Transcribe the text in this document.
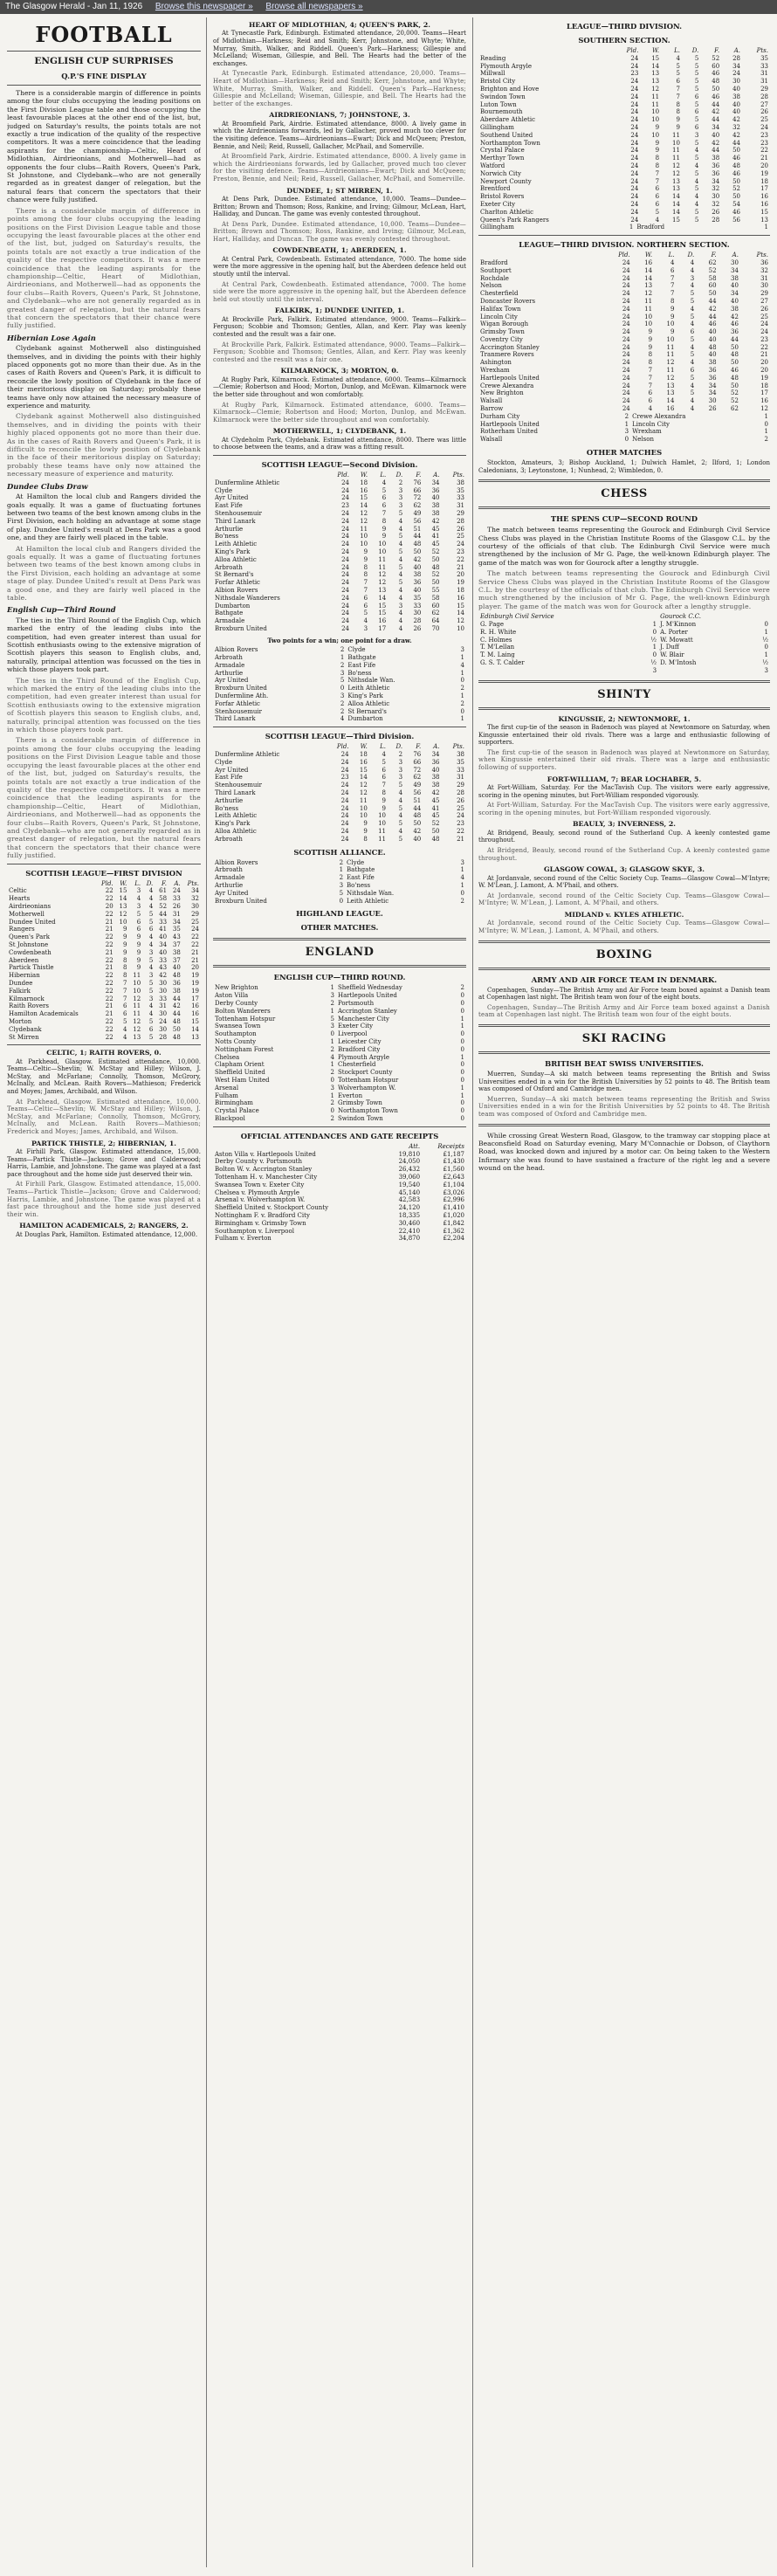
The Glasgow Herald - Jan 11, 1926 Browse this newspaper » Browse all newspapers »
FOOTBALL
ENGLISH CUP SURPRISES
Q.P.'S FINE DISPLAY

There is a considerable margin of difference in points among the four clubs occupying the leading positions on the First Division League table and those occupying the least favourable places at the other end of the list, but, judged on Saturday's results, the points totals are not exactly a true indication of the quality of the respective competitors. It was a mere coincidence that the leading aspirants for the championship—Celtic, Heart of Midlothian, Airdrieonians, and Motherwell—had as opponents the four clubs—Raith Rovers, Queen's Park, St Johnstone, and Clydebank—who are not generally regarded as in greatest danger of relegation, but the natural fears that concern the spectators that their chance were fully justified.

There is a considerable margin of difference in points among the four clubs occupying the leading positions on the First Division League table and those occupying the least favourable places at the other end of the list, but, judged on Saturday's results, the points totals are not exactly a true indication of the quality of the respective competitors. It was a mere coincidence that the leading aspirants for the championship—Celtic, Heart of Midlothian, Airdrieonians, and Motherwell—had as opponents the four clubs—Raith Rovers, Queen's Park, St Johnstone, and Clydebank—who are not generally regarded as in greatest danger of relegation, but the natural fears that concern the spectators that their chance were fully justified.

Hibernian Lose Again

Clydebank against Motherwell also distinguished themselves, and in dividing the points with their highly placed opponents got no more than their due. As in the cases of Raith Rovers and Queen's Park, it is difficult to reconcile the lowly position of Clydebank in the face of their meritorious display on Saturday; probably these teams have only now attained the necessary measure of experience and maturity.

Clydebank against Motherwell also distinguished themselves, and in dividing the points with their highly placed opponents got no more than their due. As in the cases of Raith Rovers and Queen's Park, it is difficult to reconcile the lowly position of Clydebank in the face of their meritorious display on Saturday; probably these teams have only now attained the necessary measure of experience and maturity.

Dundee Clubs Draw

At Hamilton the local club and Rangers divided the goals equally. It was a game of fluctuating fortunes between two teams of the best known among clubs in the First Division, each holding an advantage at some stage of play. Dundee United's result at Dens Park was a good one, and they are fairly well placed in the table.

At Hamilton the local club and Rangers divided the goals equally. It was a game of fluctuating fortunes between two teams of the best known among clubs in the First Division, each holding an advantage at some stage of play. Dundee United's result at Dens Park was a good one, and they are fairly well placed in the table.

English Cup—Third Round

The ties in the Third Round of the English Cup, which marked the entry of the leading clubs into the competition, had even greater interest than usual for Scottish enthusiasts owing to the extensive migration of Scottish players this season to English clubs, and, naturally, principal attention was focussed on the ties in which those players took part.

The ties in the Third Round of the English Cup, which marked the entry of the leading clubs into the competition, had even greater interest than usual for Scottish enthusiasts owing to the extensive migration of Scottish players this season to English clubs, and, naturally, principal attention was focussed on the ties in which those players took part.

There is a considerable margin of difference in points among the four clubs occupying the leading positions on the First Division League table and those occupying the least favourable places at the other end of the list, but, judged on Saturday's results, the points totals are not exactly a true indication of the quality of the respective competitors. It was a mere coincidence that the leading aspirants for the championship—Celtic, Heart of Midlothian, Airdrieonians, and Motherwell—had as opponents the four clubs—Raith Rovers, Queen's Park, St Johnstone, and Clydebank—who are not generally regarded as in greatest danger of relegation, but the natural fears that concern the spectators that their chance were fully justified.

SCOTTISH LEAGUE—FIRST DIVISION
	Pld.	W.	L.	D.	F.	A.	Pts.
Celtic	22	15	3	4	61	24	34
Hearts	22	14	4	4	58	33	32
Airdrieonians	20	13	3	4	52	26	30
Motherwell	22	12	5	5	44	31	29
Dundee United	21	10	6	5	33	34	25
Rangers	21	9	6	6	41	35	24
Queen's Park	22	9	9	4	40	43	22
St Johnstone	22	9	9	4	34	37	22
Cowdenbeath	21	9	9	3	40	38	21
Aberdeen	22	8	9	5	33	37	21
Partick Thistle	21	8	9	4	43	40	20
Hibernian	22	8	11	3	42	48	19
Dundee	22	7	10	5	30	36	19
Falkirk	22	7	10	5	30	38	19
Kilmarnock	22	7	12	3	33	44	17
Raith Rovers	21	6	11	4	31	42	16
Hamilton Academicals	21	6	11	4	30	44	16
Morton	22	5	12	5	24	48	15
Clydebank	22	4	12	6	30	50	14
St Mirren	22	4	13	5	28	48	13
CELTIC, 1; RAITH ROVERS, 0.

At Parkhead, Glasgow. Estimated attendance, 10,000. Teams—Celtic—Shevlin; W. McStay and Hilley; Wilson, J. McStay, and McFarlane; Connolly, Thomson, McGrory, McInally, and McLean. Raith Rovers—Mathieson; Frederick and Moyes; James, Archibald, and Wilson.

At Parkhead, Glasgow. Estimated attendance, 10,000. Teams—Celtic—Shevlin; W. McStay and Hilley; Wilson, J. McStay, and McFarlane; Connolly, Thomson, McGrory, McInally, and McLean. Raith Rovers—Mathieson; Frederick and Moyes; James, Archibald, and Wilson.

PARTICK THISTLE, 2; HIBERNIAN, 1.

At Firhill Park, Glasgow. Estimated attendance, 15,000. Teams—Partick Thistle—Jackson; Grove and Calderwood; Harris, Lambie, and Johnstone. The game was played at a fast pace throughout and the home side just deserved their win.

At Firhill Park, Glasgow. Estimated attendance, 15,000. Teams—Partick Thistle—Jackson; Grove and Calderwood; Harris, Lambie, and Johnstone. The game was played at a fast pace throughout and the home side just deserved their win.

HAMILTON ACADEMICALS, 2; RANGERS, 2.

At Douglas Park, Hamilton. Estimated attendance, 12,000.

HEART OF MIDLOTHIAN, 4; QUEEN'S PARK, 2.

At Tynecastle Park, Edinburgh. Estimated attendance, 20,000. Teams—Heart of Midlothian—Harkness; Reid and Smith; Kerr, Johnstone, and Whyte; White, Murray, Smith, Walker, and Riddell. Queen's Park—Harkness; Gillespie and McLelland; Wiseman, Gillespie, and Bell. The Hearts had the better of the exchanges.

At Tynecastle Park, Edinburgh. Estimated attendance, 20,000. Teams—Heart of Midlothian—Harkness; Reid and Smith; Kerr, Johnstone, and Whyte; White, Murray, Smith, Walker, and Riddell. Queen's Park—Harkness; Gillespie and McLelland; Wiseman, Gillespie, and Bell. The Hearts had the better of the exchanges.

AIRDRIEONIANS, 7; JOHNSTONE, 3.

At Broomfield Park, Airdrie. Estimated attendance, 8000. A lively game in which the Airdrieonians forwards, led by Gallacher, proved much too clever for the visiting defence. Teams—Airdrieonians—Ewart; Dick and McQueen; Preston, Bennie, and Neil; Reid, Russell, Gallacher, McPhail, and Somerville.

At Broomfield Park, Airdrie. Estimated attendance, 8000. A lively game in which the Airdrieonians forwards, led by Gallacher, proved much too clever for the visiting defence. Teams—Airdrieonians—Ewart; Dick and McQueen; Preston, Bennie, and Neil; Reid, Russell, Gallacher, McPhail, and Somerville.

DUNDEE, 1; ST MIRREN, 1.

At Dens Park, Dundee. Estimated attendance, 10,000. Teams—Dundee—Britton; Brown and Thomson; Ross, Rankine, and Irving; Gilmour, McLean, Hart, Halliday, and Duncan. The game was evenly contested throughout.

At Dens Park, Dundee. Estimated attendance, 10,000. Teams—Dundee—Britton; Brown and Thomson; Ross, Rankine, and Irving; Gilmour, McLean, Hart, Halliday, and Duncan. The game was evenly contested throughout.

COWDENBEATH, 1; ABERDEEN, 1.

At Central Park, Cowdenbeath. Estimated attendance, 7000. The home side were the more aggressive in the opening half, but the Aberdeen defence held out stoutly until the interval.

At Central Park, Cowdenbeath. Estimated attendance, 7000. The home side were the more aggressive in the opening half, but the Aberdeen defence held out stoutly until the interval.

FALKIRK, 1; DUNDEE UNITED, 1.

At Brockville Park, Falkirk. Estimated attendance, 9000. Teams—Falkirk—Ferguson; Scobbie and Thomson; Gentles, Allan, and Kerr. Play was keenly contested and the result was a fair one.

At Brockville Park, Falkirk. Estimated attendance, 9000. Teams—Falkirk—Ferguson; Scobbie and Thomson; Gentles, Allan, and Kerr. Play was keenly contested and the result was a fair one.

KILMARNOCK, 3; MORTON, 0.

At Rugby Park, Kilmarnock. Estimated attendance, 6000. Teams—Kilmarnock—Clemie; Robertson and Hood; Morton, Dunlop, and McEwan. Kilmarnock were the better side throughout and won comfortably.

At Rugby Park, Kilmarnock. Estimated attendance, 6000. Teams—Kilmarnock—Clemie; Robertson and Hood; Morton, Dunlop, and McEwan. Kilmarnock were the better side throughout and won comfortably.

MOTHERWELL, 1; CLYDEBANK, 1.

At Clydeholm Park, Clydebank. Estimated attendance, 8000. There was little to choose between the teams, and a draw was a fitting result.

SCOTTISH LEAGUE—Second Division.
	Pld.	W.	L.	D.	F.	A.	Pts.
Dunfermline Athletic	24	18	4	2	76	34	38
Clyde	24	16	5	3	66	36	35
Ayr United	24	15	6	3	72	40	33
East Fife	23	14	6	3	62	38	31
Stenhousemuir	24	12	7	5	49	38	29
Third Lanark	24	12	8	4	56	42	28
Arthurlie	24	11	9	4	51	45	26
Bo'ness	24	10	9	5	44	41	25
Leith Athletic	24	10	10	4	48	45	24
King's Park	24	9	10	5	50	52	23
Alloa Athletic	24	9	11	4	42	50	22
Arbroath	24	8	11	5	40	48	21
St Bernard's	24	8	12	4	38	52	20
Forfar Athletic	24	7	12	5	36	50	19
Albion Rovers	24	7	13	4	40	55	18
Nithsdale Wanderers	24	6	14	4	35	58	16
Dumbarton	24	6	15	3	33	60	15
Bathgate	24	5	15	4	30	62	14
Armadale	24	4	16	4	28	64	12
Broxburn United	24	3	17	4	26	70	10
Two points for a win; one point for a draw.
Albion Rovers	2	Clyde	3
Arbroath	1	Bathgate	1
Armadale	2	East Fife	4
Arthurlie	3	Bo'ness	1
Ayr United	5	Nithsdale Wan.	0
Broxburn United	0	Leith Athletic	2
Dunfermline Ath.	3	King's Park	1
Forfar Athletic	2	Alloa Athletic	2
Stenhousemuir	2	St Bernard's	0
Third Lanark	4	Dumbarton	1
SCOTTISH LEAGUE—Third Division.
	Pld.	W.	L.	D.	F.	A.	Pts.
Dunfermline Athletic	24	18	4	2	76	34	38
Clyde	24	16	5	3	66	36	35
Ayr United	24	15	6	3	72	40	33
East Fife	23	14	6	3	62	38	31
Stenhousemuir	24	12	7	5	49	38	29
Third Lanark	24	12	8	4	56	42	28
Arthurlie	24	11	9	4	51	45	26
Bo'ness	24	10	9	5	44	41	25
Leith Athletic	24	10	10	4	48	45	24
King's Park	24	9	10	5	50	52	23
Alloa Athletic	24	9	11	4	42	50	22
Arbroath	24	8	11	5	40	48	21
SCOTTISH ALLIANCE.
Albion Rovers	2	Clyde	3
Arbroath	1	Bathgate	1
Armadale	2	East Fife	4
Arthurlie	3	Bo'ness	1
Ayr United	5	Nithsdale Wan.	0
Broxburn United	0	Leith Athletic	2
HIGHLAND LEAGUE.
OTHER MATCHES.
ENGLAND
ENGLISH CUP—THIRD ROUND.
New Brighton	1	Sheffield Wednesday	2
Aston Villa	3	Hartlepools United	0
Derby County	2	Portsmouth	0
Bolton Wanderers	1	Accrington Stanley	0
Tottenham Hotspur	5	Manchester City	1
Swansea Town	3	Exeter City	1
Southampton	0	Liverpool	0
Notts County	1	Leicester City	0
Nottingham Forest	2	Bradford City	0
Chelsea	4	Plymouth Argyle	1
Clapham Orient	1	Chesterfield	0
Sheffield United	2	Stockport County	0
West Ham United	0	Tottenham Hotspur	0
Arsenal	3	Wolverhampton W.	1
Fulham	1	Everton	1
Birmingham	2	Grimsby Town	0
Crystal Palace	0	Northampton Town	0
Blackpool	2	Swindon Town	0
OFFICIAL ATTENDANCES AND GATE RECEIPTS
	Att.	Receipts
Aston Villa v. Hartlepools United	19,810	£1,187
Derby County v. Portsmouth	24,050	£1,430
Bolton W. v. Accrington Stanley	26,432	£1,560
Tottenham H. v. Manchester City	39,060	£2,643
Swansea Town v. Exeter City	19,540	£1,104
Chelsea v. Plymouth Argyle	45,140	£3,026
Arsenal v. Wolverhampton W.	42,583	£2,996
Sheffield United v. Stockport County	24,120	£1,410
Nottingham F. v. Bradford City	18,335	£1,020
Birmingham v. Grimsby Town	30,460	£1,842
Southampton v. Liverpool	22,410	£1,362
Fulham v. Everton	34,870	£2,204
LEAGUE—THIRD DIVISION.
SOUTHERN SECTION.
	Pld.	W.	L.	D.	F.	A.	Pts.
Reading	24	15	4	5	52	28	35
Plymouth Argyle	24	14	5	5	60	34	33
Millwall	23	13	5	5	46	24	31
Bristol City	24	13	6	5	48	30	31
Brighton and Hove	24	12	7	5	50	40	29
Swindon Town	24	11	7	6	46	38	28
Luton Town	24	11	8	5	44	40	27
Bournemouth	24	10	8	6	42	40	26
Aberdare Athletic	24	10	9	5	44	42	25
Gillingham	24	9	9	6	34	32	24
Southend United	24	10	11	3	40	42	23
Northampton Town	24	9	10	5	42	44	23
Crystal Palace	24	9	11	4	44	50	22
Merthyr Town	24	8	11	5	38	46	21
Watford	24	8	12	4	36	48	20
Norwich City	24	7	12	5	36	46	19
Newport County	24	7	13	4	34	50	18
Brentford	24	6	13	5	32	52	17
Bristol Rovers	24	6	14	4	30	50	16
Exeter City	24	6	14	4	32	54	16
Charlton Athletic	24	5	14	5	26	46	15
Queen's Park Rangers	24	4	15	5	28	56	13
Gillingham	1	Bradford	1
LEAGUE—THIRD DIVISION. NORTHERN SECTION.
	Pld.	W.	L.	D.	F.	A.	Pts.
Bradford	24	16	4	4	62	30	36
Southport	24	14	6	4	52	34	32
Rochdale	24	14	7	3	58	38	31
Nelson	24	13	7	4	60	40	30
Chesterfield	24	12	7	5	50	34	29
Doncaster Rovers	24	11	8	5	44	40	27
Halifax Town	24	11	9	4	42	38	26
Lincoln City	24	10	9	5	44	42	25
Wigan Borough	24	10	10	4	46	46	24
Grimsby Town	24	9	9	6	40	36	24
Coventry City	24	9	10	5	40	44	23
Accrington Stanley	24	9	11	4	48	50	22
Tranmere Rovers	24	8	11	5	40	48	21
Ashington	24	8	12	4	38	50	20
Wrexham	24	7	11	6	36	46	20
Hartlepools United	24	7	12	5	36	48	19
Crewe Alexandra	24	7	13	4	34	50	18
New Brighton	24	6	13	5	34	52	17
Walsall	24	6	14	4	30	52	16
Barrow	24	4	16	4	26	62	12
Durham City	2	Crewe Alexandra	1
Hartlepools United	1	Lincoln City	0
Rotherham United	3	Wrexham	1
Walsall	0	Nelson	2
OTHER MATCHES

Stockton, Amateurs, 3; Bishop Auckland, 1; Dulwich Hamlet, 2; Ilford, 1; London Caledonians, 3; Leytonstone, 1; Nunhead, 2; Wimbledon, 0.

CHESS
THE SPENS CUP—SECOND ROUND

The match between teams representing the Gourock and Edinburgh Civil Service Chess Clubs was played in the Christian Institute Rooms of the Glasgow C.L. by the courtesy of the officials of that club. The Edinburgh Civil Service were much strengthened by the inclusion of Mr G. Page, the well-known Edinburgh player. The game of the match was won for Gourock after a lengthy struggle.

The match between teams representing the Gourock and Edinburgh Civil Service Chess Clubs was played in the Christian Institute Rooms of the Glasgow C.L. by the courtesy of the officials of that club. The Edinburgh Civil Service were much strengthened by the inclusion of Mr G. Page, the well-known Edinburgh player. The game of the match was won for Gourock after a lengthy struggle.

Edinburgh Civil Service		Gourock C.C.	
G. Page	1	J. M'Kinnon	0
R. H. White	0	A. Porter	1
C. Holmes	½	W. Mowatt	½
T. M'Lellan	1	J. Duff	0
T. M. Laing	0	W. Blair	1
G. S. T. Calder	½	D. M'Intosh	½
	3		3
SHINTY
KINGUSSIE, 2; NEWTONMORE, 1.

The first cup-tie of the season in Badenoch was played at Newtonmore on Saturday, when Kingussie entertained their old rivals. There was a large and enthusiastic following of supporters.

The first cup-tie of the season in Badenoch was played at Newtonmore on Saturday, when Kingussie entertained their old rivals. There was a large and enthusiastic following of supporters.

FORT-WILLIAM, 7; BEAR LOCHABER, 5.

At Fort-William, Saturday. For the MacTavish Cup. The visitors were early aggressive, scoring in the opening minutes, but Fort-William responded vigorously.

At Fort-William, Saturday. For the MacTavish Cup. The visitors were early aggressive, scoring in the opening minutes, but Fort-William responded vigorously.

BEAULY, 3; INVERNESS, 2.

At Bridgend, Beauly, second round of the Sutherland Cup. A keenly contested game throughout.

At Bridgend, Beauly, second round of the Sutherland Cup. A keenly contested game throughout.

GLASGOW COWAL, 3; GLASGOW SKYE, 3.

At Jordanvale, second round of the Celtic Society Cup. Teams—Glasgow Cowal—M'Intyre; W. M'Lean, J. Lamont, A. M'Phail, and others.

At Jordanvale, second round of the Celtic Society Cup. Teams—Glasgow Cowal—M'Intyre; W. M'Lean, J. Lamont, A. M'Phail, and others.

MIDLAND v. KYLES ATHLETIC.

At Jordanvale, second round of the Celtic Society Cup. Teams—Glasgow Cowal—M'Intyre; W. M'Lean, J. Lamont, A. M'Phail, and others.

BOXING
ARMY AND AIR FORCE TEAM IN DENMARK.

Copenhagen, Sunday—The British Army and Air Force team boxed against a Danish team at Copenhagen last night. The British team won four of the eight bouts.

Copenhagen, Sunday—The British Army and Air Force team boxed against a Danish team at Copenhagen last night. The British team won four of the eight bouts.

SKI RACING
BRITISH BEAT SWISS UNIVERSITIES.

Muerren, Sunday—A ski match between teams representing the British and Swiss Universities ended in a win for the British Universities by 52 points to 48. The British team was composed of Oxford and Cambridge men.

Muerren, Sunday—A ski match between teams representing the British and Swiss Universities ended in a win for the British Universities by 52 points to 48. The British team was composed of Oxford and Cambridge men.

While crossing Great Western Road, Glasgow, to the tramway car stopping place at Beaconsfield Road on Saturday evening, Mary M'Connachie or Dobson, of Claythorn Road, was knocked down and injured by a motor car. On being taken to the Western Infirmary she was found to have sustained a fracture of the right leg and a severe wound on the head.
